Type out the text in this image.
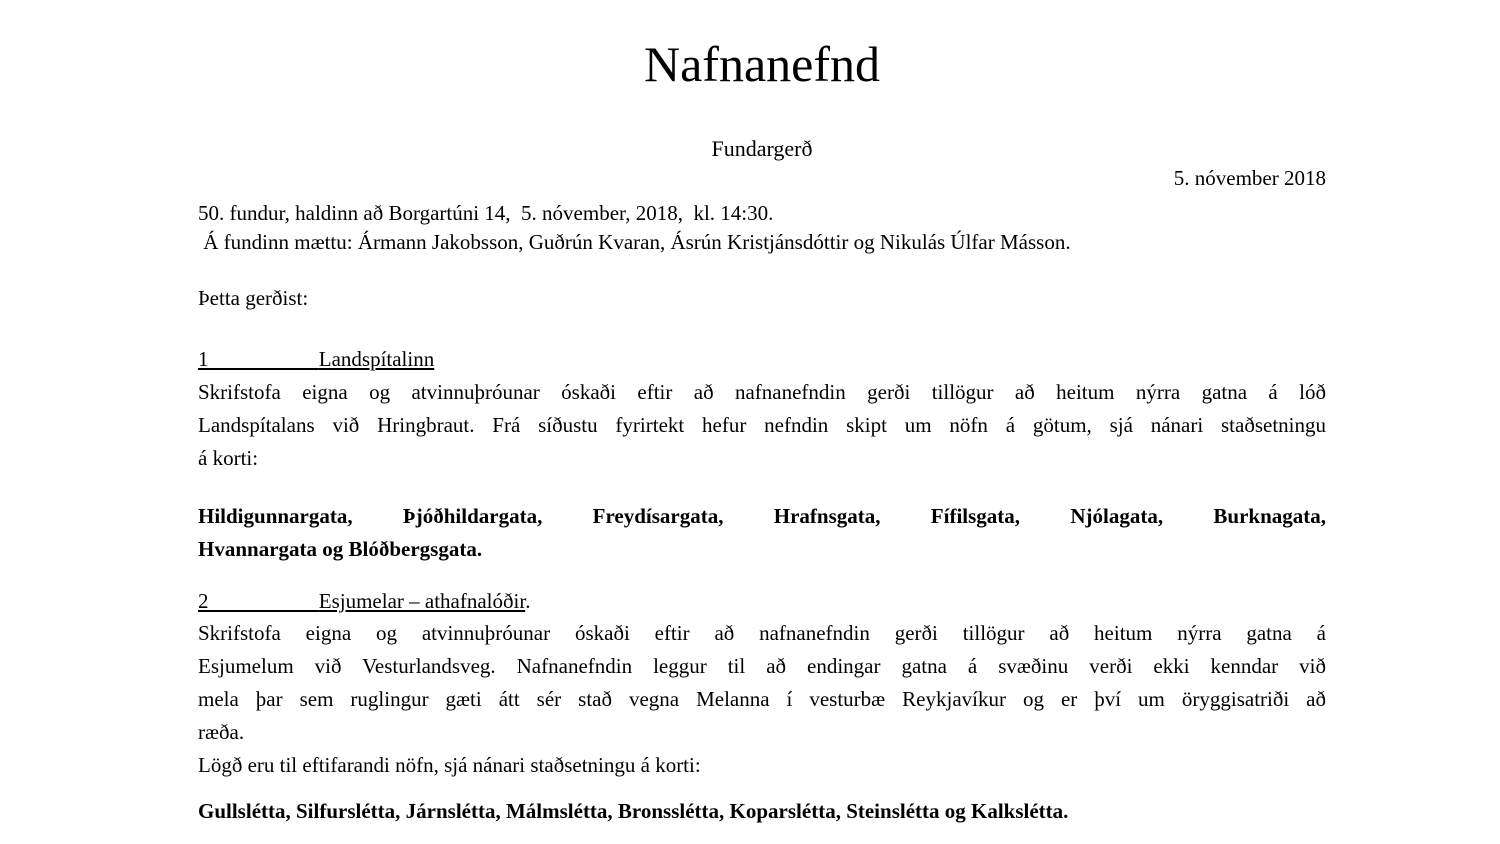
Nafnanefnd
Fundargerð
5. nóvember 2018
50. fundur, haldinn að Borgartúni 14,  5. nóvember, 2018,  kl. 14:30.
Á fundinn mættu: Ármann Jakobsson, Guðrún Kvaran, Ásrún Kristjánsdóttir og Nikulás Úlfar Másson.
Þetta gerðist:
1	Landspítalinn
Skrifstofa eigna og atvinnuþróunar óskaði eftir að nafnanefndin gerði tillögur að heitum nýrra gatna á lóð
Landspítalans við Hringbraut. Frá síðustu fyrirtekt hefur nefndin skipt um nöfn á götum, sjá nánari staðsetningu
á korti:
Hildigunnargata, Þjóðhildargata, Freydísargata, Hrafnsgata, Fífilsgata, Njólagata, Burknagata,
Hvannargata og Blóðbergsgata.
2	Esjumelar – athafnalóðir.
Skrifstofa eigna og atvinnuþróunar óskaði eftir að nafnanefndin gerði tillögur að heitum nýrra gatna á
Esjumelum við Vesturlandsveg. Nafnanefndin leggur til að endingar gatna á svæðinu verði ekki kenndar við
mela þar sem ruglingur gæti átt sér stað vegna Melanna í vesturbæ Reykjavíkur og er því um öryggisatriði að
ræða.
Lögð eru til eftifarandi nöfn, sjá nánari staðsetningu á korti:
Gullslétta, Silfurslétta, Járnslétta, Málmslétta, Bronsslétta, Koparslétta, Steinslétta og Kalkslétta.
